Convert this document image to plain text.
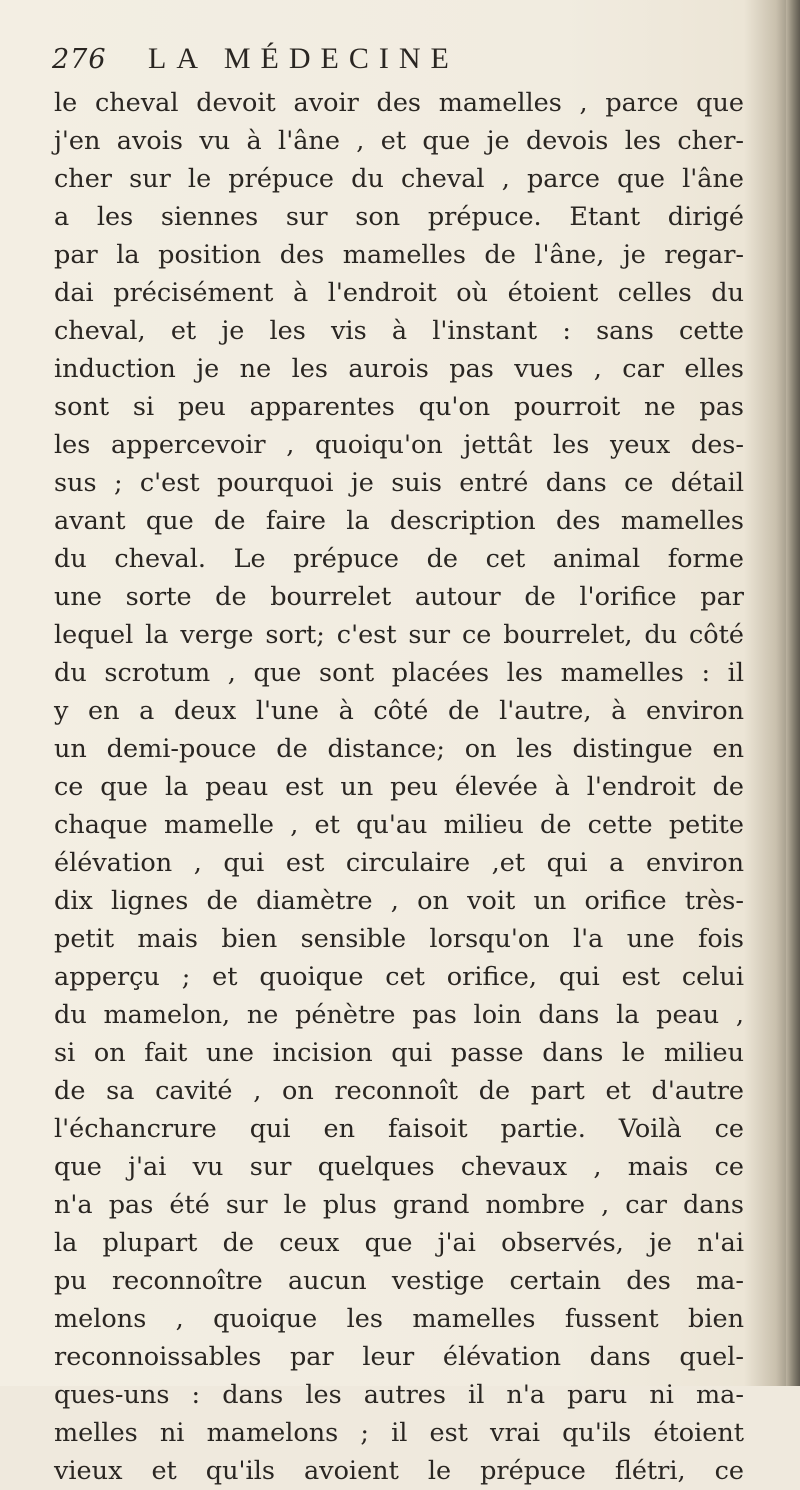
276 LA MÉDECINE
le cheval devoit avoir des mamelles , parce que
j'en avois vu à l'âne , et que je devois les cher-
cher sur le prépuce du cheval , parce que l'âne
a les siennes sur son prépuce. Etant dirigé
par la position des mamelles de l'âne, je regar-
dai précisément à l'endroit où étoient celles du
cheval, et je les vis à l'instant : sans cette
induction je ne les aurois pas vues , car elles
sont si peu apparentes qu'on pourroit ne pas
les appercevoir , quoiqu'on jettât les yeux des-
sus ; c'est pourquoi je suis entré dans ce détail
avant que de faire la description des mamelles
du cheval. Le prépuce de cet animal forme
une sorte de bourrelet autour de l'orifice par
lequel la verge sort; c'est sur ce bourrelet, du côté
du scrotum , que sont placées les mamelles : il
y en a deux l'une à côté de l'autre, à environ
un demi-pouce de distance; on les distingue en
ce que la peau est un peu élevée à l'endroit de
chaque mamelle , et qu'au milieu de cette petite
élévation , qui est circulaire ,et qui a environ
dix lignes de diamètre , on voit un orifice très-
petit mais bien sensible lorsqu'on l'a une fois
apperçu ; et quoique cet orifice, qui est celui
du mamelon, ne pénètre pas loin dans la peau ,
si on fait une incision qui passe dans le milieu
de sa cavité , on reconnoît de part et d'autre
l'échancrure qui en faisoit partie. Voilà ce
que j'ai vu sur quelques chevaux , mais ce
n'a pas été sur le plus grand nombre , car dans
la plupart de ceux que j'ai observés, je n'ai
pu reconnoître aucun vestige certain des ma-
melons , quoique les mamelles fussent bien
reconnoissables par leur élévation dans quel-
ques-uns : dans les autres il n'a paru ni ma-
melles ni mamelons ; il est vrai qu'ils étoient
vieux et qu'ils avoient le prépuce flétri, ce
